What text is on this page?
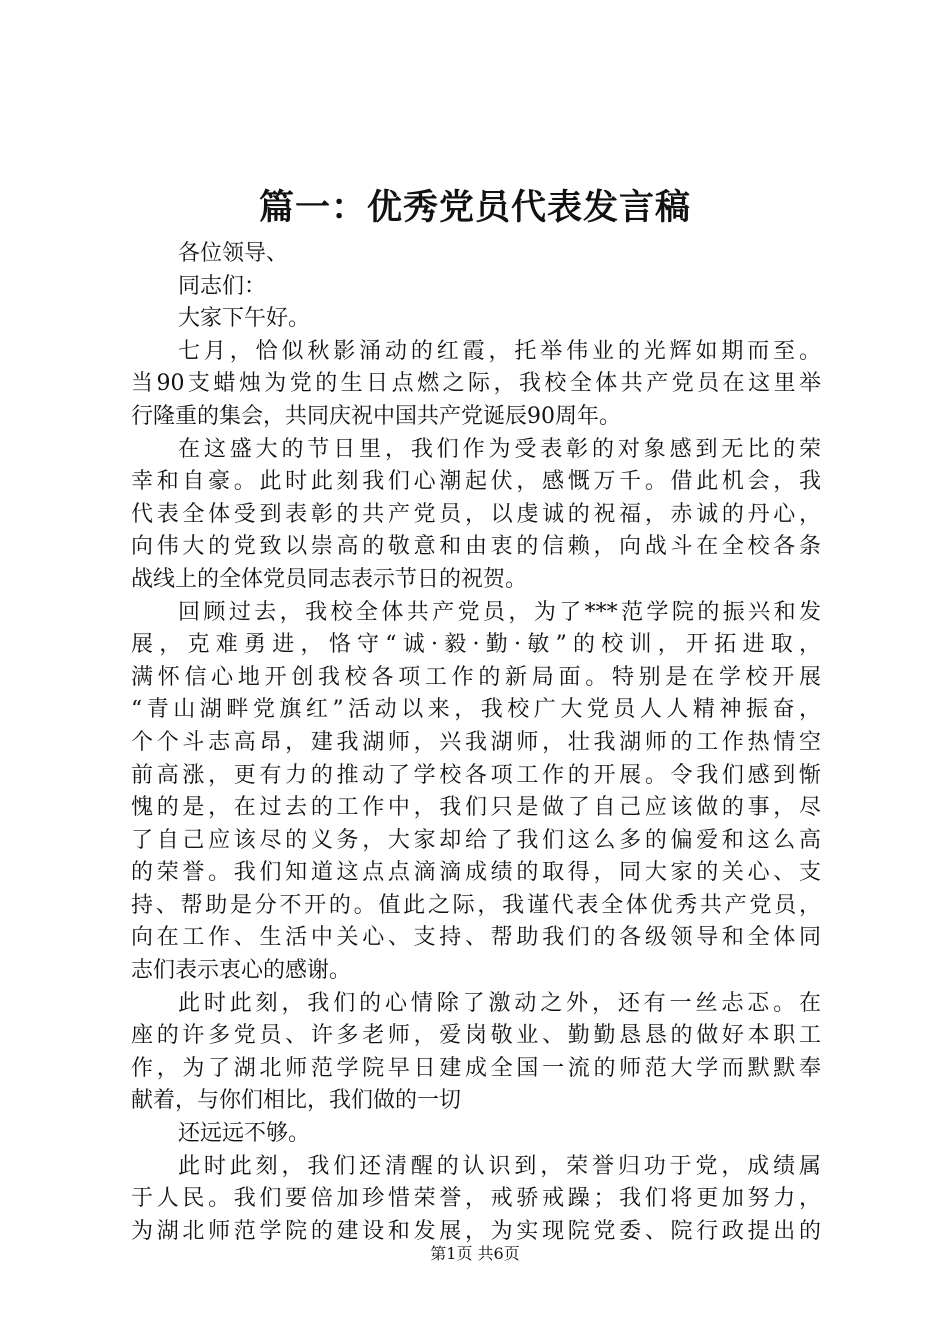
篇一：优秀党员代表发言稿
各位领导、
同志们：
大家下午好。
七月，恰似秋影涌动的红霞，托举伟业的光辉如期而至。
当90支蜡烛为党的生日点燃之际，我校全体共产党员在这里举
行隆重的集会，共同庆祝中国共产党诞辰90周年。
在这盛大的节日里，我们作为受表彰的对象感到无比的荣
幸和自豪。此时此刻我们心潮起伏，感慨万千。借此机会，我
代表全体受到表彰的共产党员，以虔诚的祝福，赤诚的丹心，
向伟大的党致以崇高的敬意和由衷的信赖，向战斗在全校各条
战线上的全体党员同志表示节日的祝贺。
回顾过去，我校全体共产党员，为了***范学院的振兴和发
展，克难勇进，恪守“诚·毅·勤·敏”的校训，开拓进取，
满怀信心地开创我校各项工作的新局面。特别是在学校开展
“青山湖畔党旗红”活动以来，我校广大党员人人精神振奋，
个个斗志高昂，建我湖师，兴我湖师，壮我湖师的工作热情空
前高涨，更有力的推动了学校各项工作的开展。令我们感到惭
愧的是，在过去的工作中，我们只是做了自己应该做的事，尽
了自己应该尽的义务，大家却给了我们这么多的偏爱和这么高
的荣誉。我们知道这点点滴滴成绩的取得，同大家的关心、支
持、帮助是分不开的。值此之际，我谨代表全体优秀共产党员，
向在工作、生活中关心、支持、帮助我们的各级领导和全体同
志们表示衷心的感谢。
此时此刻，我们的心情除了激动之外，还有一丝忐忑。在
座的许多党员、许多老师，爱岗敬业、勤勤恳恳的做好本职工
作，为了湖北师范学院早日建成全国一流的师范大学而默默奉
献着，与你们相比，我们做的一切
还远远不够。
此时此刻，我们还清醒的认识到，荣誉归功于党，成绩属
于人民。我们要倍加珍惜荣誉，戒骄戒躁；我们将更加努力，
为湖北师范学院的建设和发展，为实现院党委、院行政提出的
第1页 共6页
